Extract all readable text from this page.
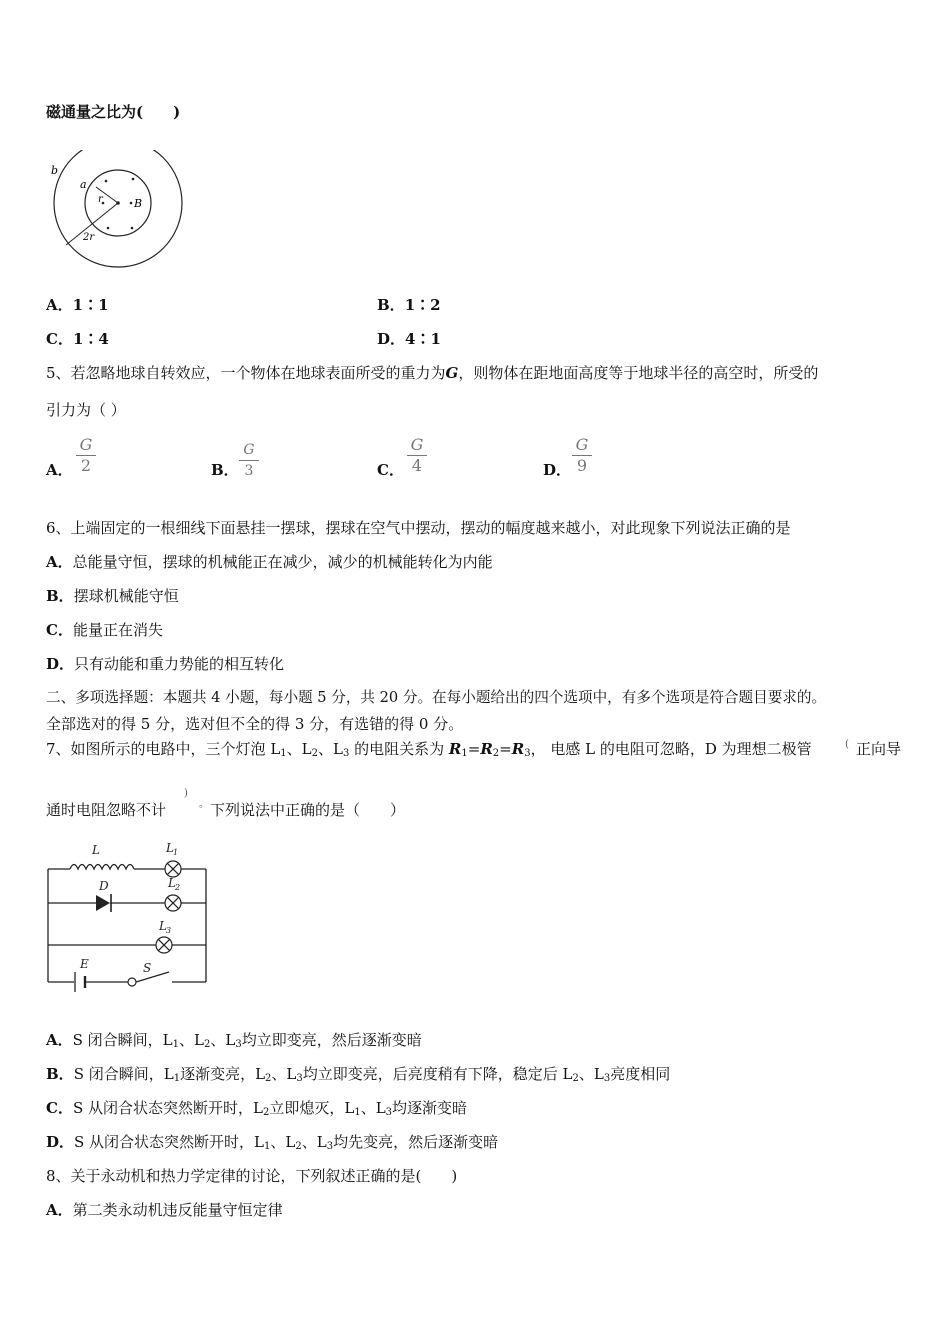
磁通量之比为(　　)
b
a
r	B
2r
A．1∶1	B．1∶2
C．1∶4	D．4∶1
5、若忽略地球自转效应，一个物体在地球表面所受的重力为G，则物体在距地面高度等于地球半径的高空时，所受的
引力为（ ）
A．
G
2	B．
G
3	C．
G
4	D．
G
9
6、上端固定的一根细线下面悬挂一摆球，摆球在空气中摆动，摆动的幅度越来越小，对此现象下列说法正确的是
A．总能量守恒，摆球的机械能正在减少，减少的机械能转化为内能
B．摆球机械能守恒
C．能量正在消失
D．只有动能和重力势能的相互转化
二、多项选择题：本题共 4 小题，每小题 5 分，共 20 分。在每小题给出的四个选项中，有多个选项是符合题目要求的。
全部选对的得 5 分，选对但不全的得 3 分，有选错的得 0 分。
7、如图所示的电路中，三个灯泡 $L_1$、$L_2$、$L_3$ 的电阻关系为 $R_1=R_2=R_3$， 电感 L 的电阻可忽略，D 为理想二极管	( 正向导
)
。
通时电阻忽略不计	下列说法中正确的是（　　）
L	L 1
D	L 2
L 3
E	S
A．S 闭合瞬间，$L_1$、$L_2$、$L_3$均立即变亮，然后逐渐变暗
B．S 闭合瞬间，$L_1$逐渐变亮，$L_2$、$L_3$均立即变亮，后亮度稍有下降，稳定后 $L_2$、$L_3$亮度相同
C．S 从闭合状态突然断开时，$L_2$立即熄灭，$L_1$、$L_3$均逐渐变暗
D．S 从闭合状态突然断开时，$L_1$、$L_2$、$L_3$均先变亮，然后逐渐变暗
8、关于永动机和热力学定律的讨论，下列叙述正确的是(　　)
A．第二类永动机违反能量守恒定律
